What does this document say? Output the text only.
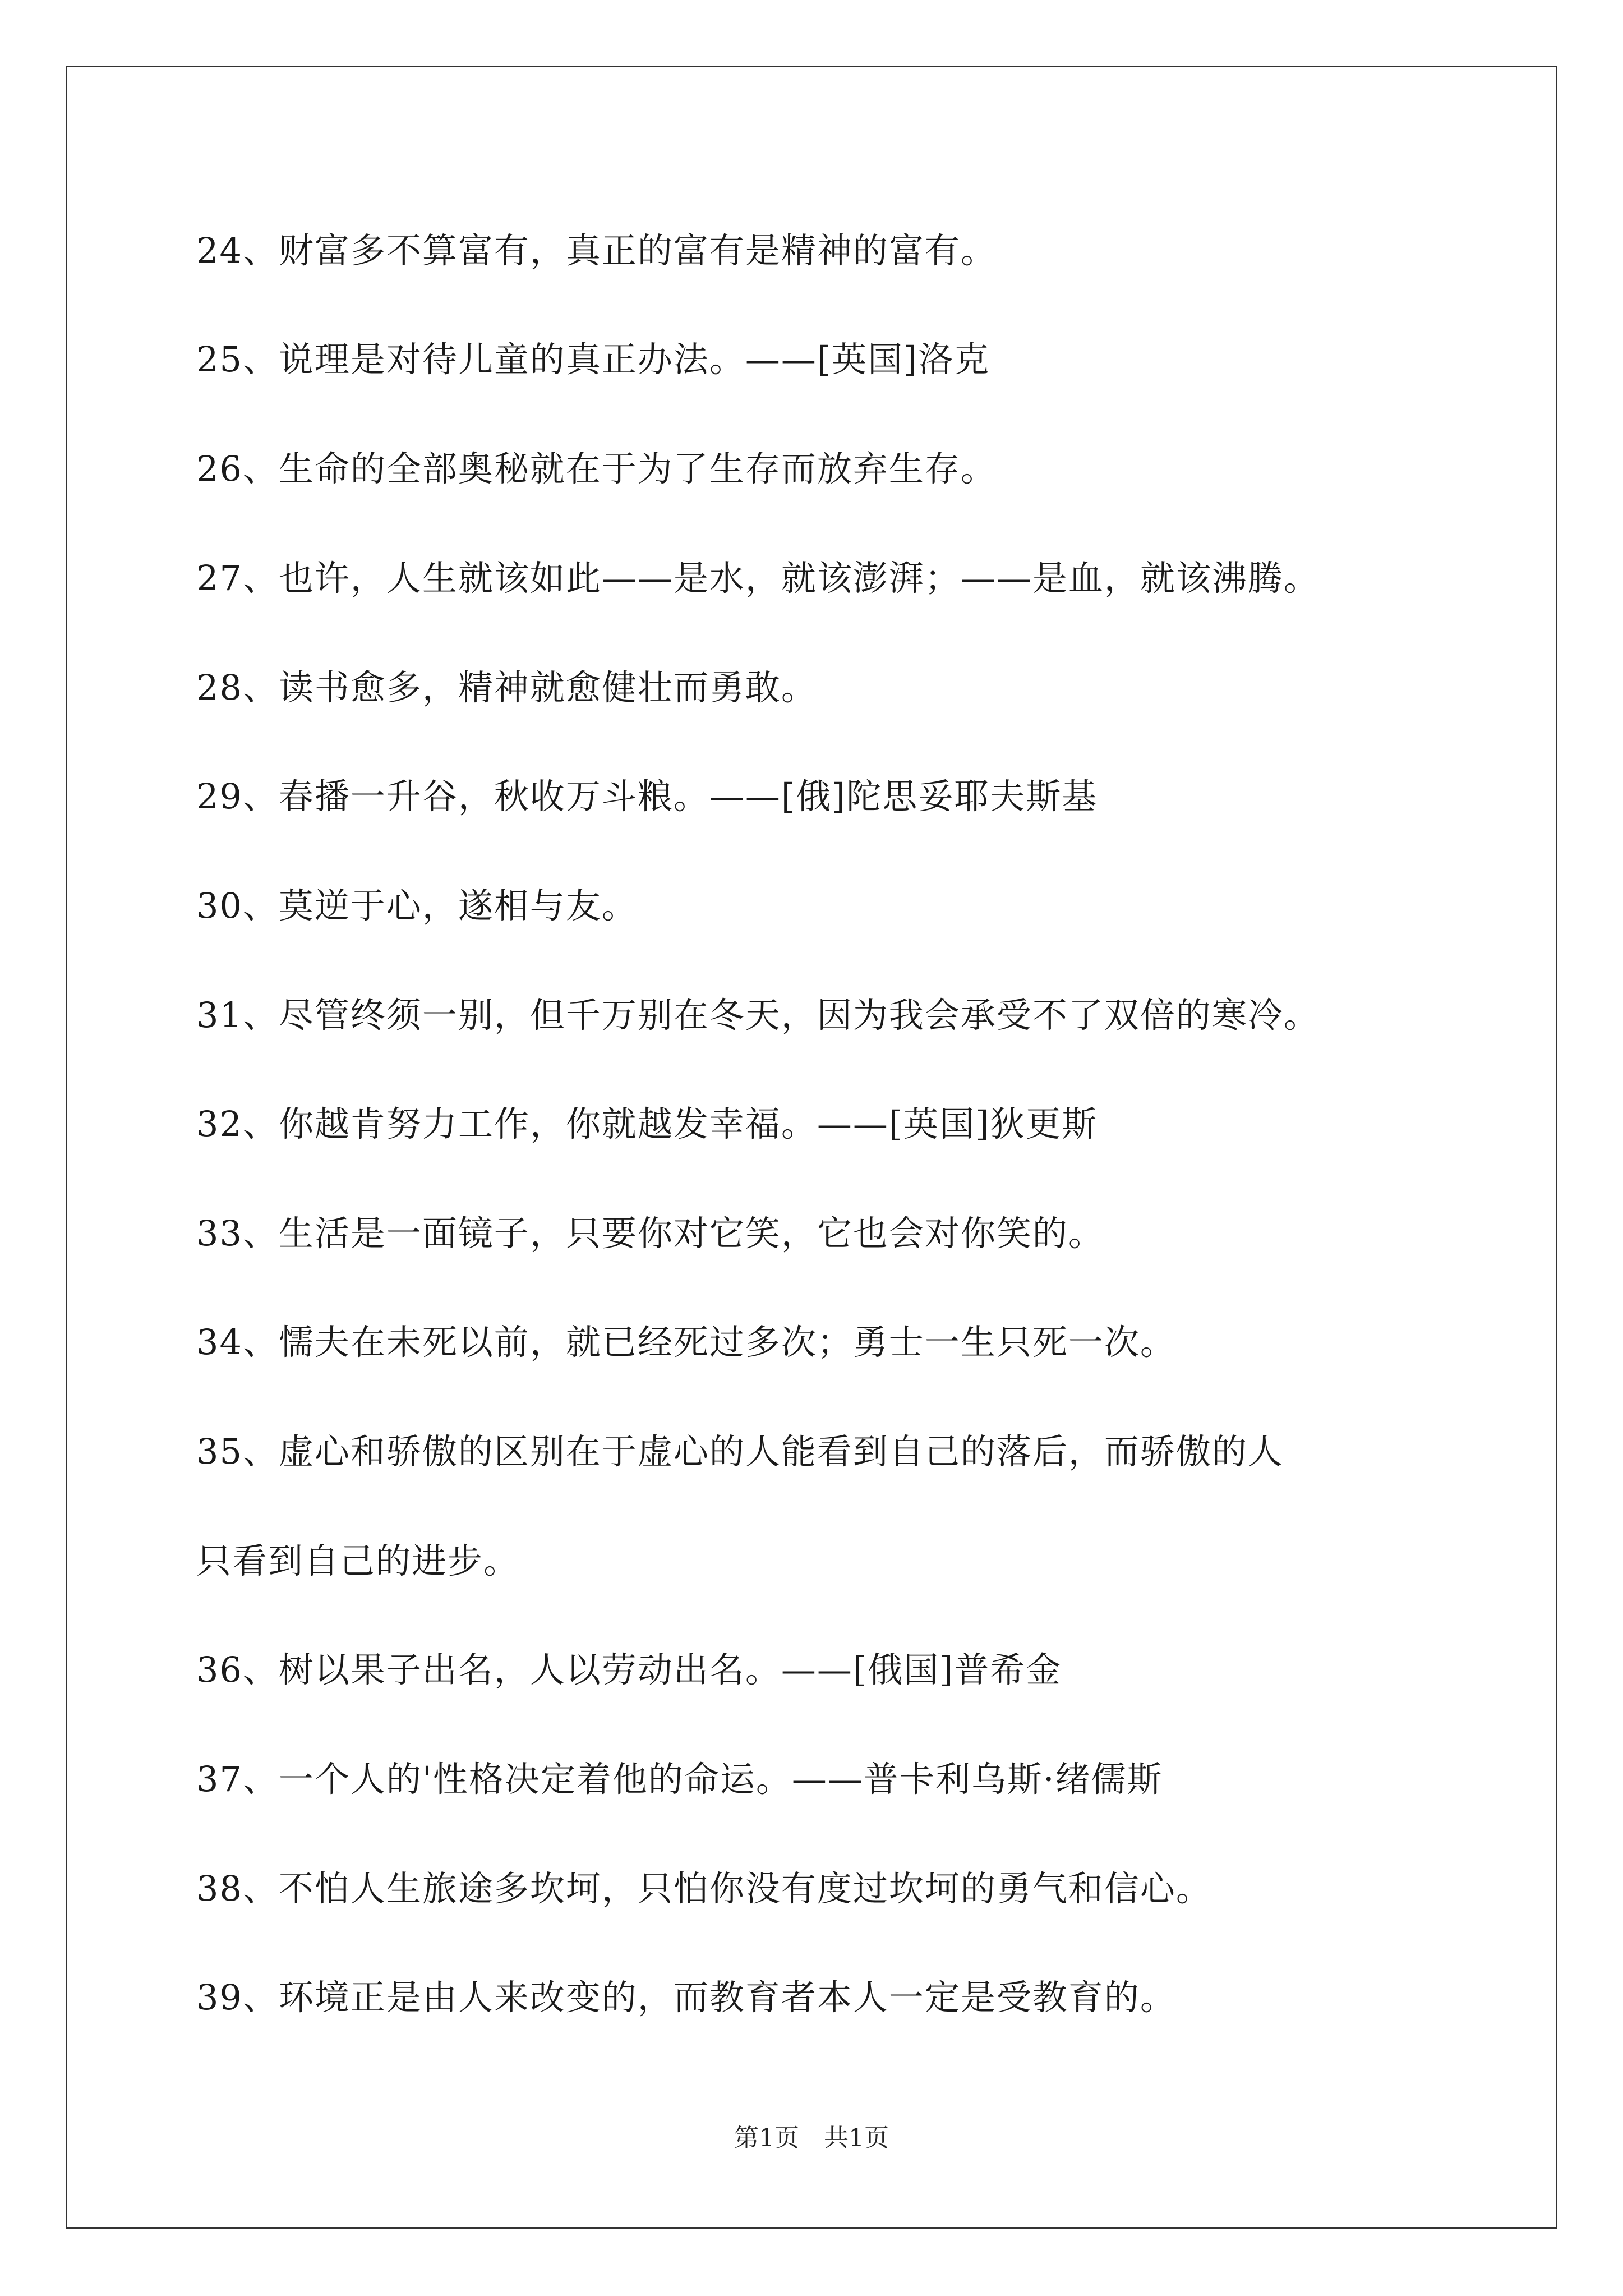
24、财富多不算富有，真正的富有是精神的富有。
25、说理是对待儿童的真正办法。——[英国]洛克
26、生命的全部奥秘就在于为了生存而放弃生存。
27、也许，人生就该如此——是水，就该澎湃；——是血，就该沸腾。
28、读书愈多，精神就愈健壮而勇敢。
29、春播一升谷，秋收万斗粮。——[俄]陀思妥耶夫斯基
30、莫逆于心，遂相与友。
31、尽管终须一别，但千万别在冬天，因为我会承受不了双倍的寒冷。
32、你越肯努力工作，你就越发幸福。——[英国]狄更斯
33、生活是一面镜子，只要你对它笑，它也会对你笑的。
34、懦夫在未死以前，就已经死过多次；勇士一生只死一次。
35、虚心和骄傲的区别在于虚心的人能看到自己的落后，而骄傲的人
只看到自己的进步。
36、树以果子出名，人以劳动出名。——[俄国]普希金
37、一个人的'性格决定着他的命运。——普卡利乌斯·绪儒斯
38、不怕人生旅途多坎坷，只怕你没有度过坎坷的勇气和信心。
39、环境正是由人来改变的，而教育者本人一定是受教育的。
第1页　共1页
